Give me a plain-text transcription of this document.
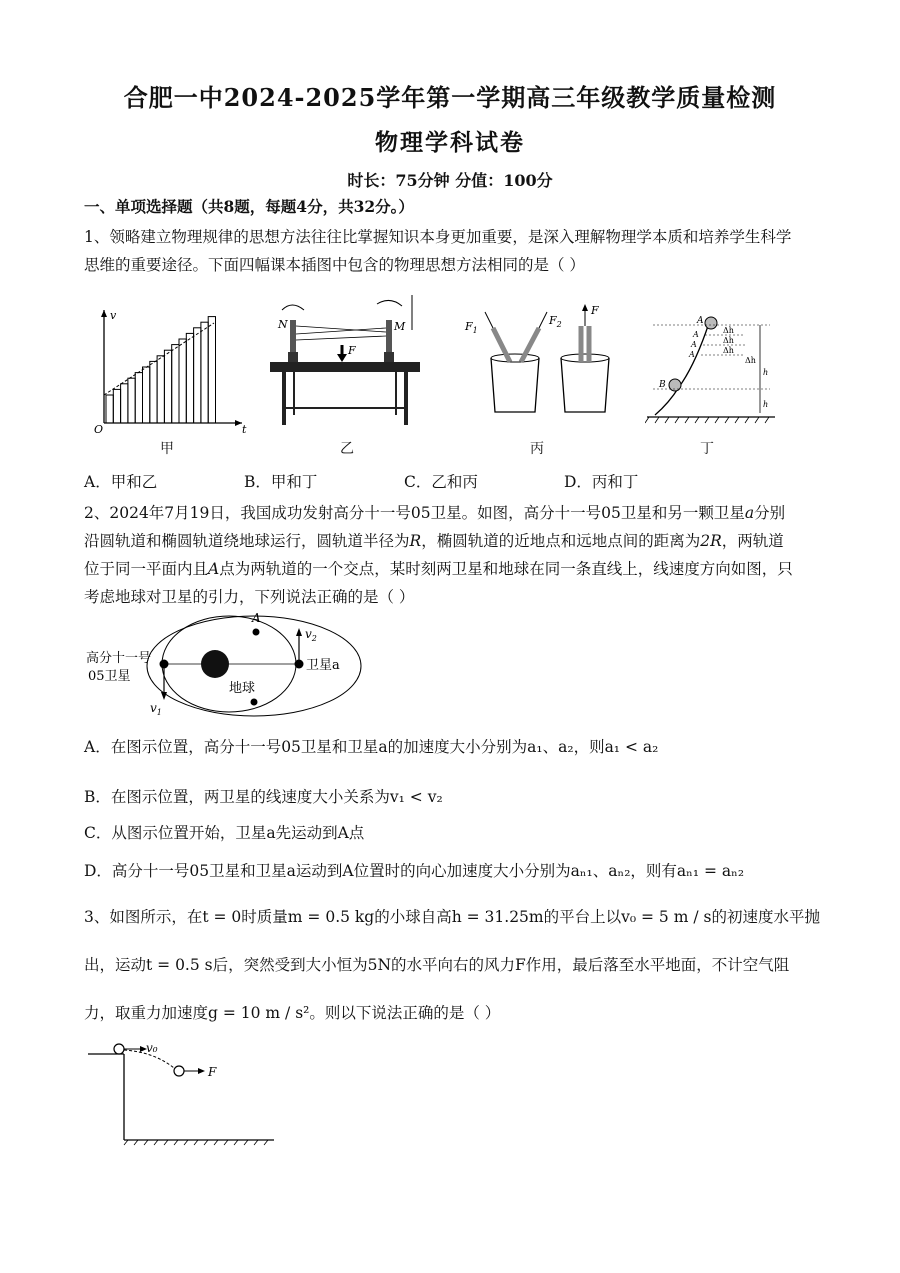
合肥一中2024-2025学年第一学期高三年级教学质量检测
物理学科试卷
时长：75分钟 分值：100分
一、单项选择题（共8题，每题4分，共32分。）
1、领略建立物理规律的思想方法往往比掌握知识本身更加重要，是深入理解物理学本质和培养学生科学
思维的重要途径。下面四幅课本插图中包含的物理思想方法相同的是（ ）
v
t
O
N	M
F
$F_1$
$F_2$
F
A
A
A
A
B
Δh
Δh
Δh
Δh
h
h
甲	乙	丙	丁
A．甲和乙	B．甲和丁	C．乙和丙	D．丙和丁
2、2024年7月19日，我国成功发射高分十一号05卫星。如图，高分十一号05卫星和另一颗卫星a分别
沿圆轨道和椭圆轨道绕地球运行，圆轨道半径为R，椭圆轨道的近地点和远地点间的距离为2R，两轨道
位于同一平面内且A点为两轨道的一个交点，某时刻两卫星和地球在同一条直线上，线速度方向如图，只
考虑地球对卫星的引力，下列说法正确的是（ ）
高分十一号
05卫星
卫星a
地球
A
$v_1$
$v_2$
A．在图示位置，高分十一号05卫星和卫星a的加速度大小分别为a₁、a₂，则a₁ < a₂
B．在图示位置，两卫星的线速度大小关系为v₁ < v₂
C．从图示位置开始，卫星a先运动到A点
D．高分十一号05卫星和卫星a运动到A位置时的向心加速度大小分别为aₙ₁、aₙ₂，则有aₙ₁ = aₙ₂
3、如图所示，在t = 0时质量m = 0.5 kg的小球自高h = 31.25m的平台上以v₀ = 5 m / s的初速度水平抛
出，运动t = 0.5 s后，突然受到大小恒为5N的水平向右的风力F作用，最后落至水平地面，不计空气阻
力，取重力加速度g = 10 m / s²。则以下说法正确的是（ ）
v₀
F
